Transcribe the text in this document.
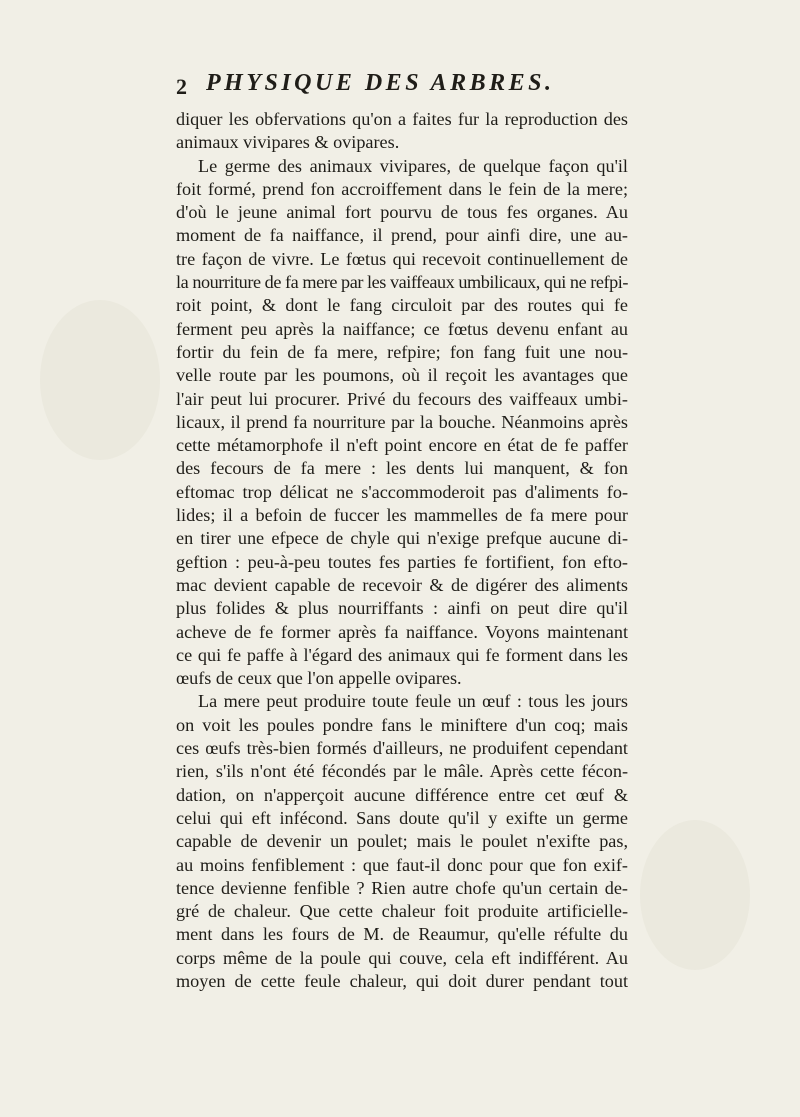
2 PHYSIQUE DES ARBRES.
diquer les obfervations qu'on a faites fur la reproduction des
animaux vivipares & ovipares.
Le germe des animaux vivipares, de quelque façon qu'il
foit formé, prend fon accroiffement dans le fein de la mere;
d'où le jeune animal fort pourvu de tous fes organes. Au
moment de fa naiffance, il prend, pour ainfi dire, une au-
tre façon de vivre. Le fœtus qui recevoit continuellement de
la nourriture de fa mere par les vaiffeaux umbilicaux, qui ne refpi-
roit point, & dont le fang circuloit par des routes qui fe
ferment peu après la naiffance; ce fœtus devenu enfant au
fortir du fein de fa mere, refpire; fon fang fuit une nou-
velle route par les poumons, où il reçoit les avantages que
l'air peut lui procurer. Privé du fecours des vaiffeaux umbi-
licaux, il prend fa nourriture par la bouche. Néanmoins après
cette métamorphofe il n'eft point encore en état de fe paffer
des fecours de fa mere : les dents lui manquent, & fon
eftomac trop délicat ne s'accommoderoit pas d'aliments fo-
lides; il a befoin de fuccer les mammelles de fa mere pour
en tirer une efpece de chyle qui n'exige prefque aucune di-
geftion : peu-à-peu toutes fes parties fe fortifient, fon efto-
mac devient capable de recevoir & de digérer des aliments
plus folides & plus nourriffants : ainfi on peut dire qu'il
acheve de fe former après fa naiffance. Voyons maintenant
ce qui fe paffe à l'égard des animaux qui fe forment dans les
œufs de ceux que l'on appelle ovipares.
La mere peut produire toute feule un œuf : tous les jours
on voit les poules pondre fans le miniftere d'un coq; mais
ces œufs très-bien formés d'ailleurs, ne produifent cependant
rien, s'ils n'ont été fécondés par le mâle. Après cette fécon-
dation, on n'apperçoit aucune différence entre cet œuf &
celui qui eft infécond. Sans doute qu'il y exifte un germe
capable de devenir un poulet; mais le poulet n'exifte pas,
au moins fenfiblement : que faut-il donc pour que fon exif-
tence devienne fenfible ? Rien autre chofe qu'un certain de-
gré de chaleur. Que cette chaleur foit produite artificielle-
ment dans les fours de M. de Reaumur, qu'elle réfulte du
corps même de la poule qui couve, cela eft indifférent. Au
moyen de cette feule chaleur, qui doit durer pendant tout
